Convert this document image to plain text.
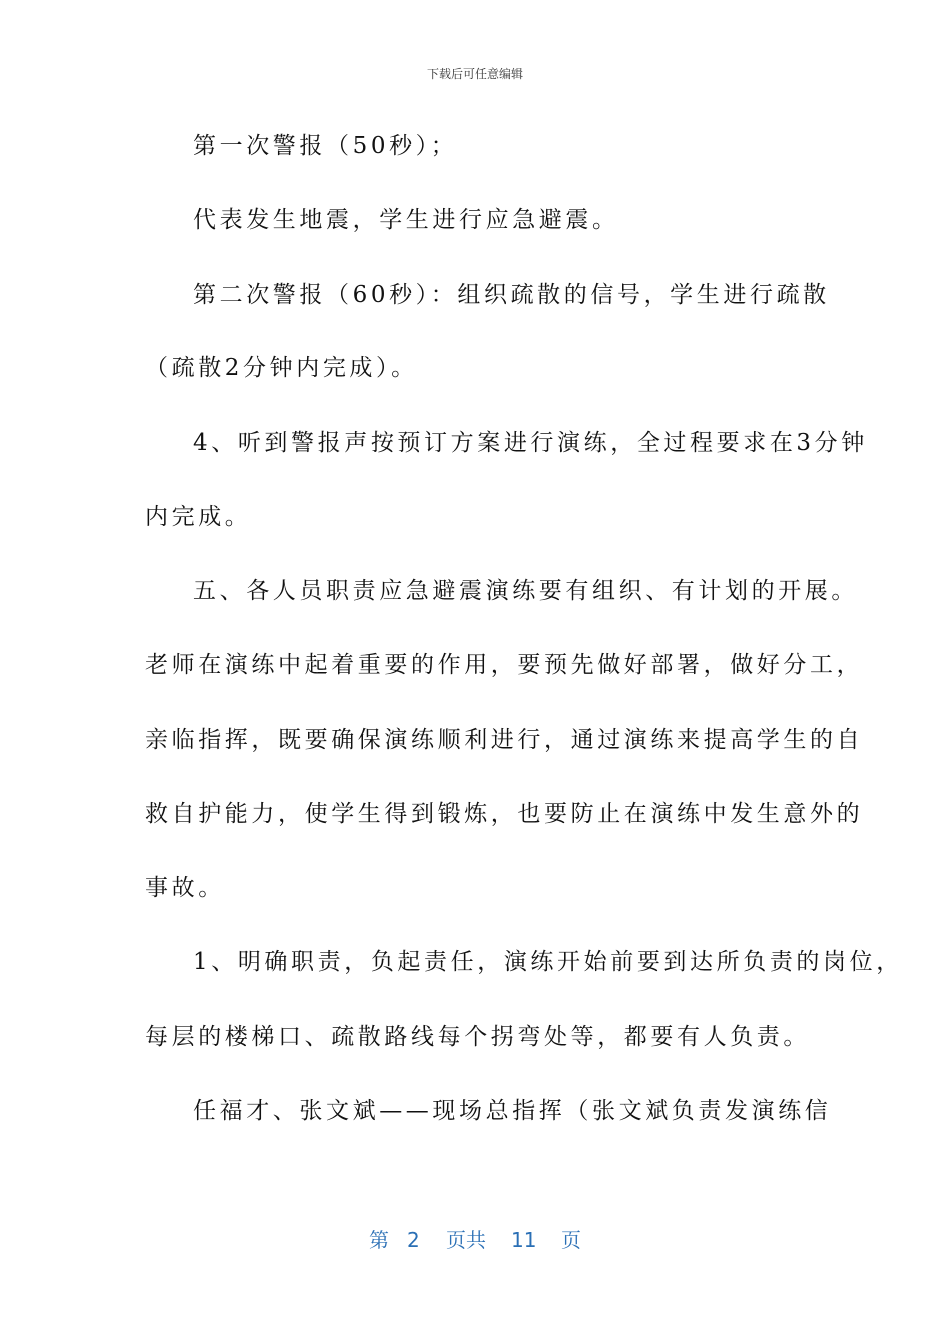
下载后可任意编辑
第一次警报（50秒）；
代表发生地震，学生进行应急避震。
第二次警报（60秒）：组织疏散的信号，学生进行疏散
（疏散2分钟内完成）。
4、听到警报声按预订方案进行演练，全过程要求在3分钟
内完成。
五、各人员职责应急避震演练要有组织、有计划的开展。
老师在演练中起着重要的作用，要预先做好部署，做好分工，
亲临指挥，既要确保演练顺利进行，通过演练来提高学生的自
救自护能力，使学生得到锻炼，也要防止在演练中发生意外的
事故。
1、明确职责，负起责任，演练开始前要到达所负责的岗位，
每层的楼梯口、疏散路线每个拐弯处等，都要有人负责。
任福才、张文斌——现场总指挥（张文斌负责发演练信
第 2 页共 11 页
